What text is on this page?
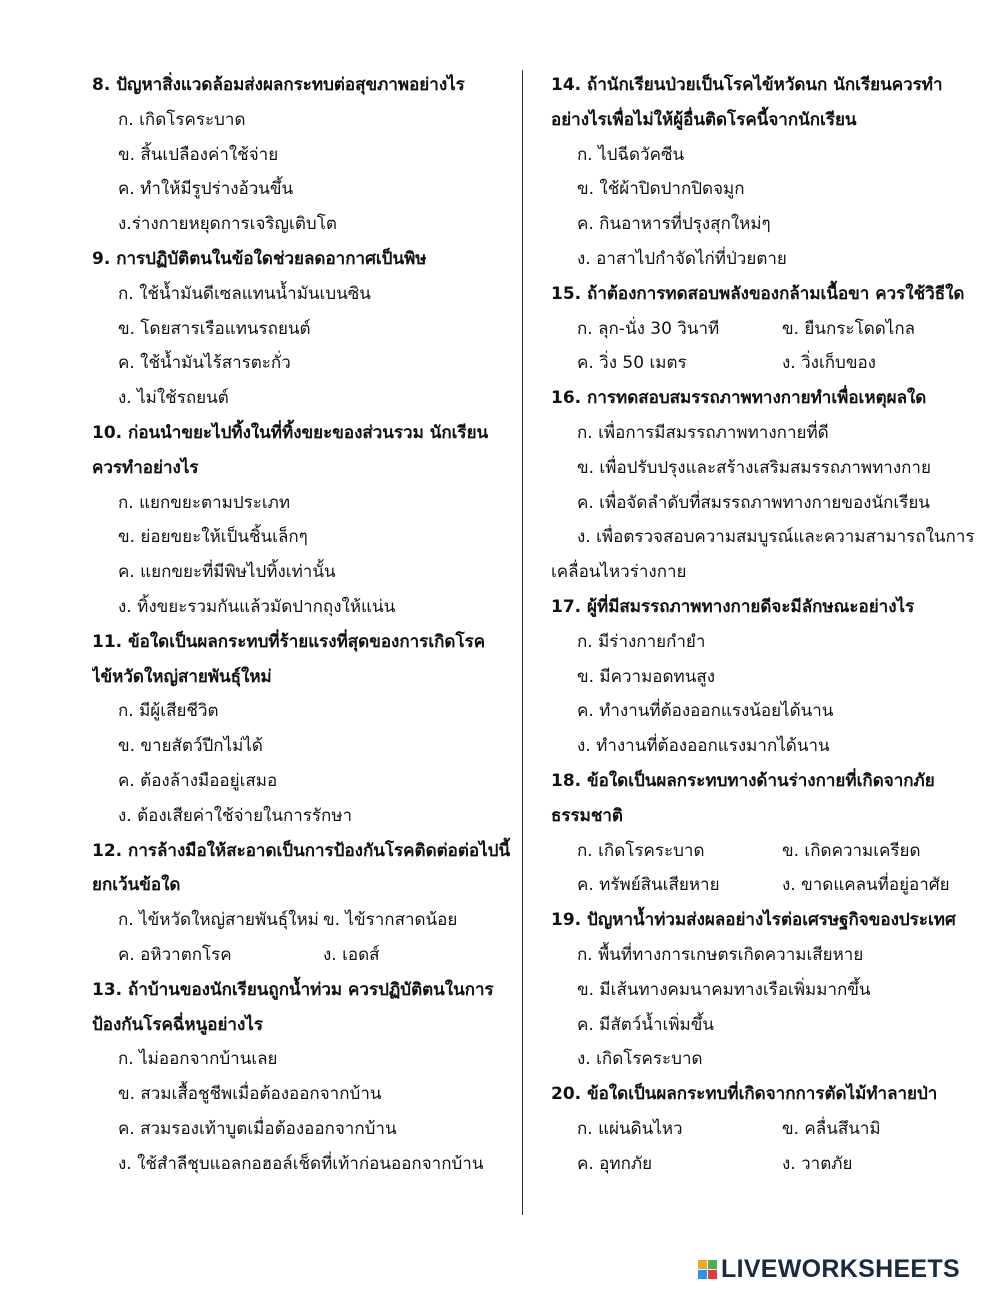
8. ปัญหาสิ่งแวดล้อมส่งผลกระทบต่อสุขภาพอย่างไร
ก. เกิดโรคระบาด
ข. สิ้นเปลืองค่าใช้จ่าย
ค. ทำให้มีรูปร่างอ้วนขึ้น
ง.ร่างกายหยุดการเจริญเติบโต
9. การปฏิบัติตนในข้อใดช่วยลดอากาศเป็นพิษ
ก. ใช้น้ำมันดีเซลแทนน้ำมันเบนซิน
ข. โดยสารเรือแทนรถยนต์
ค. ใช้น้ำมันไร้สารตะกั่ว
ง. ไม่ใช้รถยนต์
10. ก่อนนำขยะไปทิ้งในที่ทิ้งขยะของส่วนรวม นักเรียน
ควรทำอย่างไร
ก. แยกขยะตามประเภท
ข. ย่อยขยะให้เป็นชิ้นเล็กๆ
ค. แยกขยะที่มีพิษไปทิ้งเท่านั้น
ง. ทิ้งขยะรวมกันแล้วมัดปากถุงให้แน่น
11. ข้อใดเป็นผลกระทบที่ร้ายแรงที่สุดของการเกิดโรค
ไข้หวัดใหญ่สายพันธุ์ใหม่
ก. มีผู้เสียชีวิต
ข. ขายสัตว์ปีกไม่ได้
ค. ต้องล้างมืออยู่เสมอ
ง. ต้องเสียค่าใช้จ่ายในการรักษา
12. การล้างมือให้สะอาดเป็นการป้องกันโรคติดต่อต่อไปนี้
ยกเว้นข้อใด
ก. ไข้หวัดใหญ่สายพันธุ์ใหม่ ข. ไข้รากสาดน้อย
ค. อหิวาตกโรค	ง. เอดส์
13. ถ้าบ้านของนักเรียนถูกน้ำท่วม ควรปฏิบัติตนในการ
ป้องกันโรคฉี่หนูอย่างไร
ก. ไม่ออกจากบ้านเลย
ข. สวมเสื้อชูชีพเมื่อต้องออกจากบ้าน
ค. สวมรองเท้าบูตเมื่อต้องออกจากบ้าน
ง. ใช้สำลีชุบแอลกอฮอล์เช็ดที่เท้าก่อนออกจากบ้าน
14. ถ้านักเรียนป่วยเป็นโรคไข้หวัดนก นักเรียนควรทำ
อย่างไรเพื่อไม่ให้ผู้อื่นติดโรคนี้จากนักเรียน
ก. ไปฉีดวัคซีน
ข. ใช้ผ้าปิดปากปิดจมูก
ค. กินอาหารที่ปรุงสุกใหม่ๆ
ง. อาสาไปกำจัดไก่ที่ป่วยตาย
15. ถ้าต้องการทดสอบพลังของกล้ามเนื้อขา ควรใช้วิธีใด
ก. ลุก-นั่ง 30 วินาที	ข. ยืนกระโดดไกล
ค. วิ่ง 50 เมตร	ง. วิ่งเก็บของ
16. การทดสอบสมรรถภาพทางกายทำเพื่อเหตุผลใด
ก. เพื่อการมีสมรรถภาพทางกายที่ดี
ข. เพื่อปรับปรุงและสร้างเสริมสมรรถภาพทางกาย
ค. เพื่อจัดลำดับที่สมรรถภาพทางกายของนักเรียน
ง. เพื่อตรวจสอบความสมบูรณ์และความสามารถในการ
เคลื่อนไหวร่างกาย
17. ผู้ที่มีสมรรถภาพทางกายดีจะมีลักษณะอย่างไร
ก. มีร่างกายกำยำ
ข. มีความอดทนสูง
ค. ทำงานที่ต้องออกแรงน้อยได้นาน
ง. ทำงานที่ต้องออกแรงมากได้นาน
18. ข้อใดเป็นผลกระทบทางด้านร่างกายที่เกิดจากภัย
ธรรมชาติ
ก. เกิดโรคระบาด	ข. เกิดความเครียด
ค. ทรัพย์สินเสียหาย	ง. ขาดแคลนที่อยู่อาศัย
19. ปัญหาน้ำท่วมส่งผลอย่างไรต่อเศรษฐกิจของประเทศ
ก. พื้นที่ทางการเกษตรเกิดความเสียหาย
ข. มีเส้นทางคมนาคมทางเรือเพิ่มมากขึ้น
ค. มีสัตว์น้ำเพิ่มขึ้น
ง. เกิดโรคระบาด
20. ข้อใดเป็นผลกระทบที่เกิดจากการตัดไม้ทำลายป่า
ก. แผ่นดินไหว	ข. คลื่นสึนามิ
ค. อุทกภัย	ง. วาตภัย
LIVEWORKSHEETS
